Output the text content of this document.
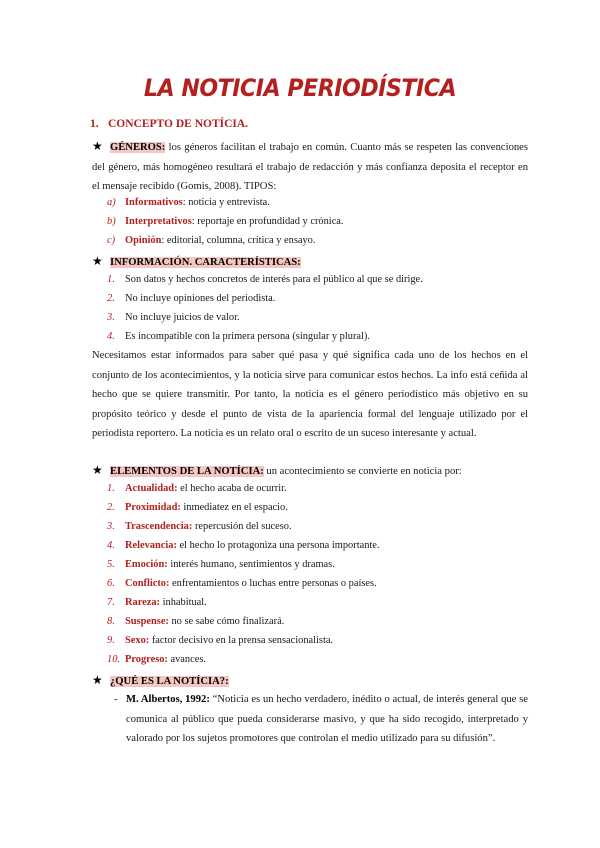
LA NOTICIA PERIODÍSTICA
1. CONCEPTO DE NOTÍCIA.
★ GÉNEROS: los géneros facilitan el trabajo en común. Cuanto más se respeten las convenciones del género, más homogéneo resultará el trabajo de redacción y más confianza deposita el receptor en el mensaje recibido (Gomis, 2008). TIPOS:
a) Informativos: noticia y entrevista.
b) Interpretativos: reportaje en profundidad y crónica.
c) Opinión: editorial, columna, crítica y ensayo.
★ INFORMACIÓN. CARACTERÍSTICAS:
1. Son datos y hechos concretos de interés para el público al que se dirige.
2. No incluye opiniones del periodista.
3. No incluye juicios de valor.
4. Es incompatible con la primera persona (singular y plural).
Necesitamos estar informados para saber qué pasa y qué significa cada uno de los hechos en el conjunto de los acontecimientos, y la noticia sirve para comunicar estos hechos. La info está ceñida al hecho que se quiere transmitir. Por tanto, la noticia es el género periodístico más objetivo en su propósito teórico y desde el punto de vista de la apariencia formal del lenguaje utilizado por el periodista reportero. La noticia es un relato oral o escrito de un suceso interesante y actual.
★ ELEMENTOS DE LA NOTÍCIA: un acontecimiento se convierte en noticia por:
1. Actualidad: el hecho acaba de ocurrir.
2. Proximidad: inmediatez en el espacio.
3. Trascendencia: repercusión del suceso.
4. Relevancia: el hecho lo protagoniza una persona importante.
5. Emoción: interés humano, sentimientos y dramas.
6. Conflicto: enfrentamientos o luchas entre personas o países.
7. Rareza: inhabitual.
8. Suspense: no se sabe cómo finalizará.
9. Sexo: factor decisivo en la prensa sensacionalista.
10. Progreso: avances.
★ ¿QUÉ ES LA NOTÍCIA?:
- M. Albertos, 1992: “Noticia es un hecho verdadero, inédito o actual, de interés general que se comunica al público que pueda considerarse masivo, y que ha sido recogido, interpretado y valorado por los sujetos promotores que controlan el medio utilizado para su difusión”.
